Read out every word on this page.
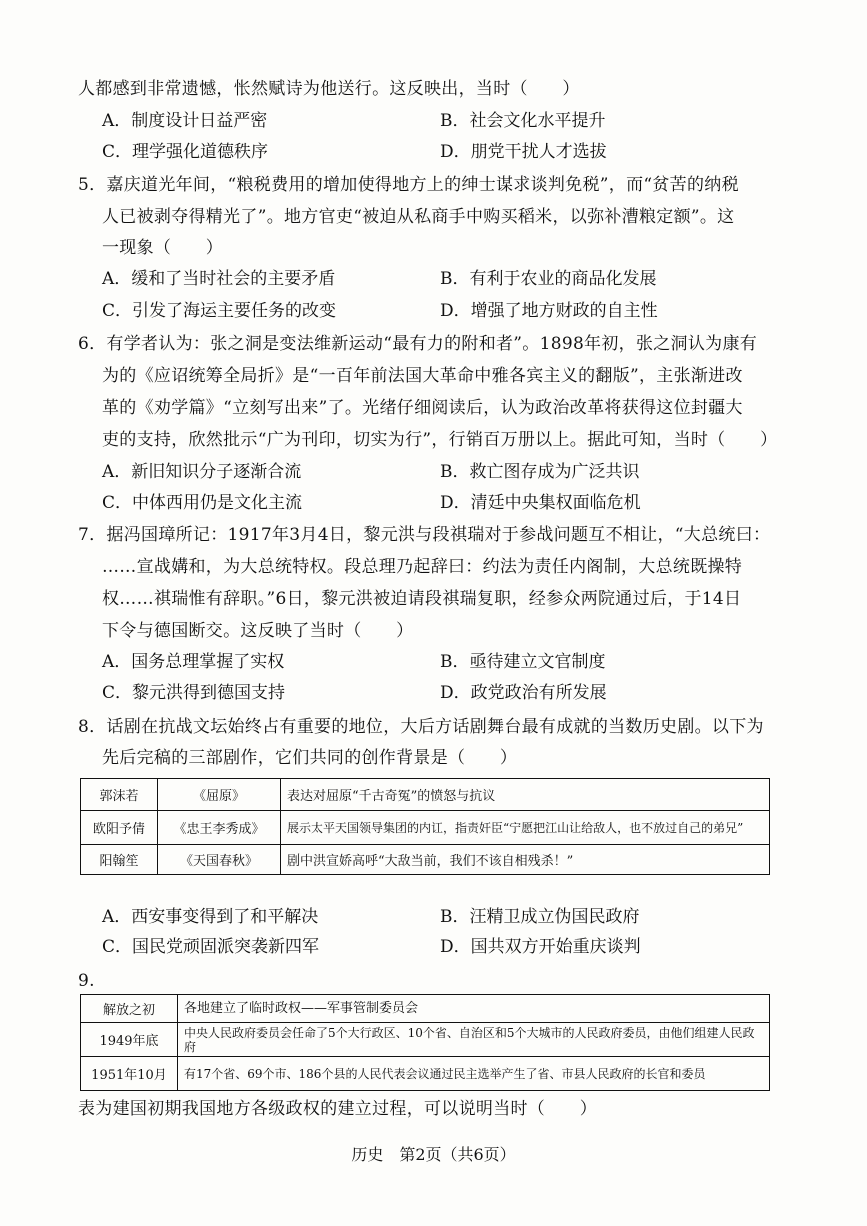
人都感到非常遗憾，怅然赋诗为他送行。这反映出，当时（　　）
A．制度设计日益严密	B．社会文化水平提升
C．理学强化道德秩序	D．朋党干扰人才选拔
5．嘉庆道光年间，“粮税费用的增加使得地方上的绅士谋求谈判免税”，而“贫苦的纳税
人已被剥夺得精光了”。地方官吏“被迫从私商手中购买稻米，以弥补漕粮定额”。这
一现象（　　）
A．缓和了当时社会的主要矛盾	B．有利于农业的商品化发展
C．引发了海运主要任务的改变	D．增强了地方财政的自主性
6．有学者认为：张之洞是变法维新运动“最有力的附和者”。1898年初，张之洞认为康有
为的《应诏统筹全局折》是“一百年前法国大革命中雅各宾主义的翻版”，主张渐进改
革的《劝学篇》“立刻写出来”了。光绪仔细阅读后，认为政治改革将获得这位封疆大
吏的支持，欣然批示“广为刊印，切实为行”，行销百万册以上。据此可知，当时（　　）
A．新旧知识分子逐渐合流	B．救亡图存成为广泛共识
C．中体西用仍是文化主流	D．清廷中央集权面临危机
7．据冯国璋所记：1917年3月4日，黎元洪与段祺瑞对于参战问题互不相让，“大总统曰：
……宣战媾和，为大总统特权。段总理乃起辞曰：约法为责任内阁制，大总统既操特
权……祺瑞惟有辞职。”6日，黎元洪被迫请段祺瑞复职，经参众两院通过后，于14日
下令与德国断交。这反映了当时（　　）
A．国务总理掌握了实权	B．亟待建立文官制度
C．黎元洪得到德国支持	D．政党政治有所发展
8．话剧在抗战文坛始终占有重要的地位，大后方话剧舞台最有成就的当数历史剧。以下为
先后完稿的三部剧作，它们共同的创作背景是（　　）
郭沫若	《屈原》	表达对屈原“千古奇冤”的愤怒与抗议
欧阳予倩	《忠王李秀成》	展示太平天国领导集团的内讧，指责奸臣“宁愿把江山让给敌人，也不放过自己的弟兄”
阳翰笙	《天国春秋》	剧中洪宣娇高呼“大敌当前，我们不该自相残杀！”
A．西安事变得到了和平解决	B．汪精卫成立伪国民政府
C．国民党顽固派突袭新四军	D．国共双方开始重庆谈判
9.
解放之初	各地建立了临时政权——军事管制委员会
1949年底	中央人民政府委员会任命了5个大行政区、10个省、自治区和5个大城市的人民政府委员，由他们组建人民政府
1951年10月	有17个省、69个市、186个县的人民代表会议通过民主选举产生了省、市县人民政府的长官和委员
表为建国初期我国地方各级政权的建立过程，可以说明当时（　　）
历史　第2页（共6页）
